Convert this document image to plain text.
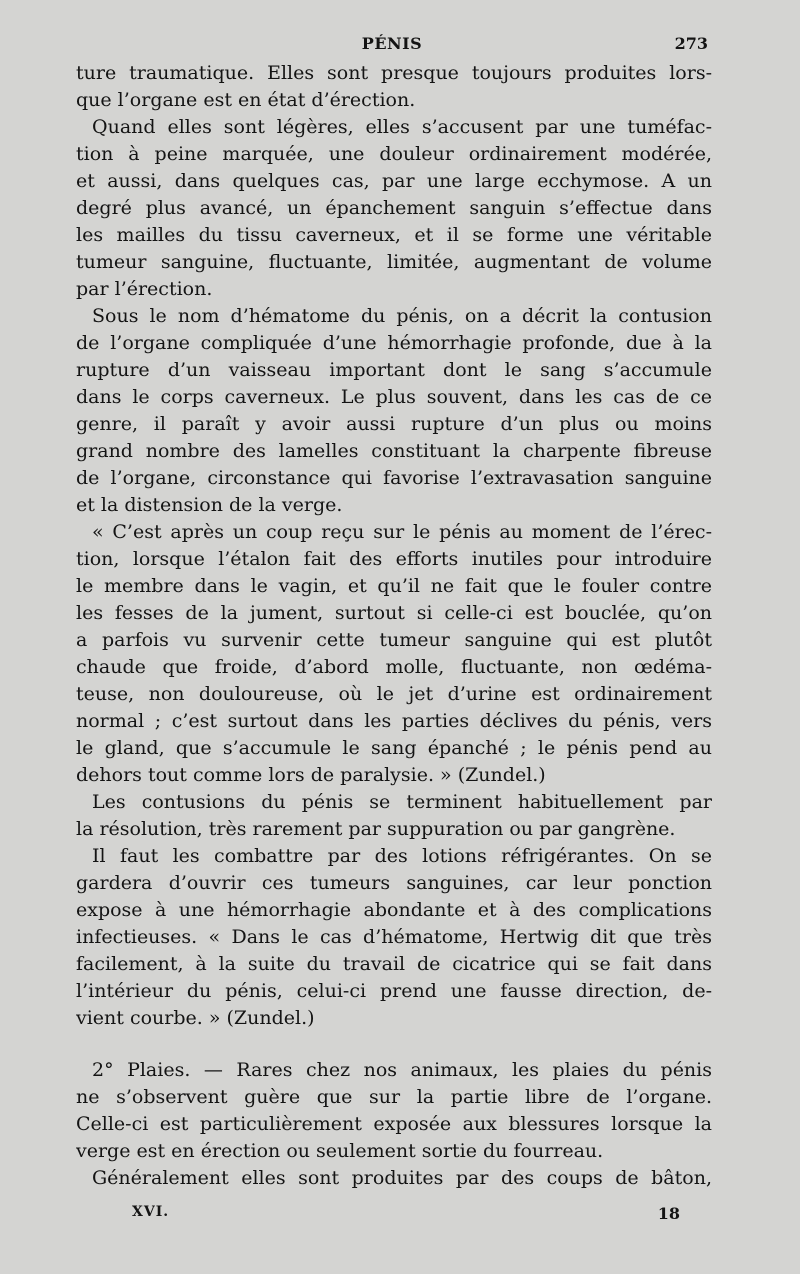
PÉNIS	273
ture traumatique. Elles sont presque toujours produites lors-
que l’organe est en état d’érection.
Quand elles sont légères, elles s’accusent par une tuméfac-
tion à peine marquée, une douleur ordinairement modérée,
et aussi, dans quelques cas, par une large ecchymose. A un
degré plus avancé, un épanchement sanguin s’effectue dans
les mailles du tissu caverneux, et il se forme une véritable
tumeur sanguine, fluctuante, limitée, augmentant de volume
par l’érection.
Sous le nom d’hématome du pénis, on a décrit la contusion
de l’organe compliquée d’une hémorrhagie profonde, due à la
rupture d’un vaisseau important dont le sang s’accumule
dans le corps caverneux. Le plus souvent, dans les cas de ce
genre, il paraît y avoir aussi rupture d’un plus ou moins
grand nombre des lamelles constituant la charpente fibreuse
de l’organe, circonstance qui favorise l’extravasation sanguine
et la distension de la verge.
« C’est après un coup reçu sur le pénis au moment de l’érec-
tion, lorsque l’étalon fait des efforts inutiles pour introduire
le membre dans le vagin, et qu’il ne fait que le fouler contre
les fesses de la jument, surtout si celle-ci est bouclée, qu’on
a parfois vu survenir cette tumeur sanguine qui est plutôt
chaude que froide, d’abord molle, fluctuante, non œdéma-
teuse, non douloureuse, où le jet d’urine est ordinairement
normal ; c’est surtout dans les parties déclives du pénis, vers
le gland, que s’accumule le sang épanché ; le pénis pend au
dehors tout comme lors de paralysie. » (Zundel.)
Les contusions du pénis se terminent habituellement par
la résolution, très rarement par suppuration ou par gangrène.
Il faut les combattre par des lotions réfrigérantes. On se
gardera d’ouvrir ces tumeurs sanguines, car leur ponction
expose à une hémorrhagie abondante et à des complications
infectieuses. « Dans le cas d’hématome, Hertwig dit que très
facilement, à la suite du travail de cicatrice qui se fait dans
l’intérieur du pénis, celui-ci prend une fausse direction, de-
vient courbe. » (Zundel.)
2° Plaies. — Rares chez nos animaux, les plaies du pénis
ne s’observent guère que sur la partie libre de l’organe.
Celle-ci est particulièrement exposée aux blessures lorsque la
verge est en érection ou seulement sortie du fourreau.
Généralement elles sont produites par des coups de bâton,
XVI.	18
